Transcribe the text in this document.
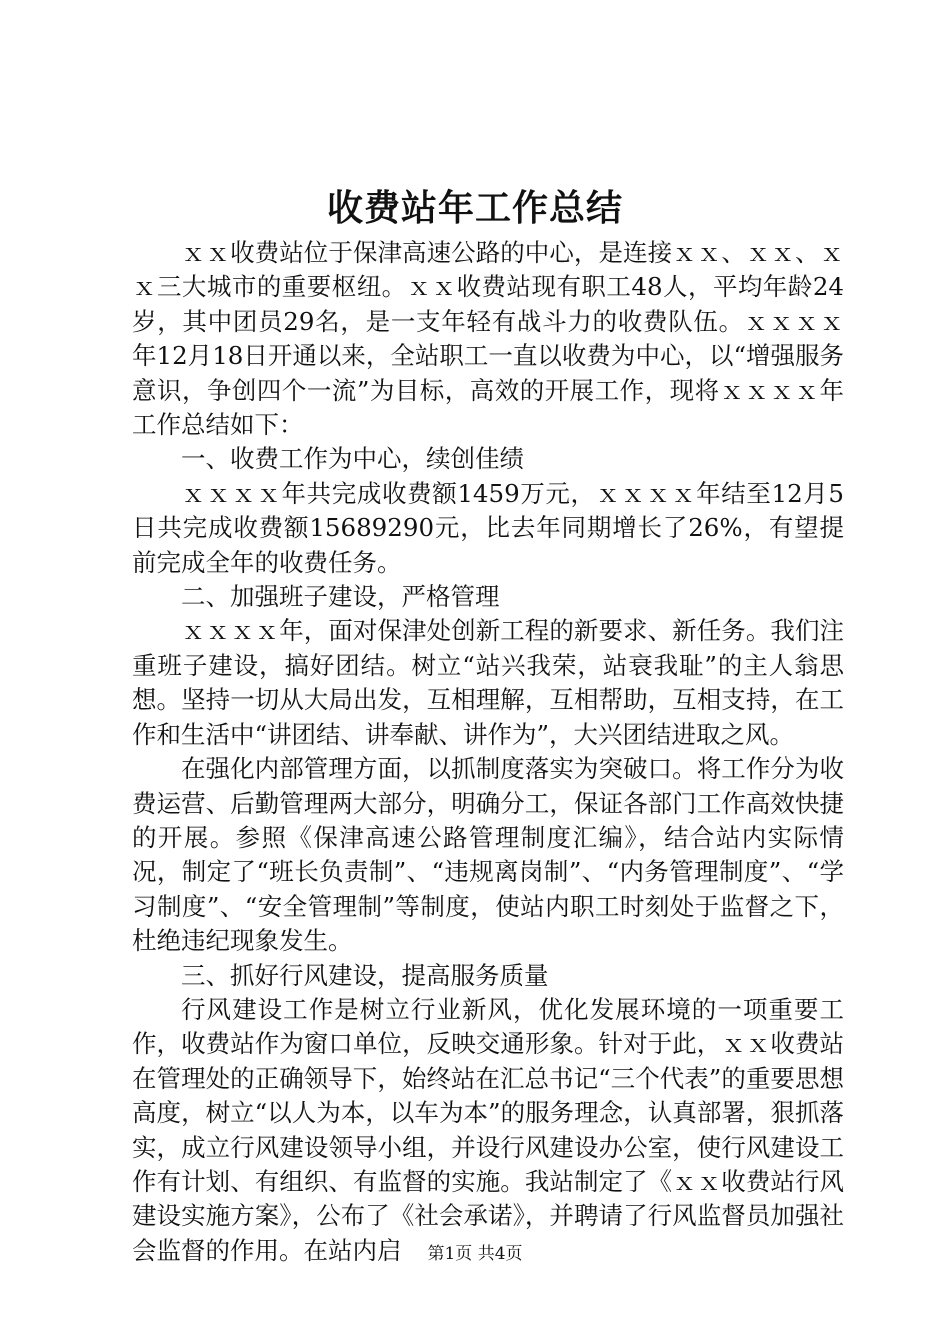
收费站年工作总结

ｘｘ收费站位于保津高速公路的中心，是连接ｘｘ、ｘｘ、ｘｘ三大城市的重要枢纽。ｘｘ收费站现有职工48人，平均年龄24岁，其中团员29名，是一支年轻有战斗力的收费队伍。ｘｘｘｘ年12月18日开通以来，全站职工一直以收费为中心，以“增强服务意识，争创四个一流”为目标，高效的开展工作，现将ｘｘｘｘ年工作总结如下：

一、收费工作为中心，续创佳绩

ｘｘｘｘ年共完成收费额1459万元，ｘｘｘｘ年结至12月5日共完成收费额15689290元，比去年同期增长了26%，有望提前完成全年的收费任务。

二、加强班子建设，严格管理

ｘｘｘｘ年，面对保津处创新工程的新要求、新任务。我们注重班子建设，搞好团结。树立“站兴我荣，站衰我耻”的主人翁思想。坚持一切从大局出发，互相理解，互相帮助，互相支持，在工作和生活中“讲团结、讲奉献、讲作为”，大兴团结进取之风。

在强化内部管理方面，以抓制度落实为突破口。将工作分为收费运营、后勤管理两大部分，明确分工，保证各部门工作高效快捷的开展。参照《保津高速公路管理制度汇编》，结合站内实际情况，制定了“班长负责制”、“违规离岗制”、“内务管理制度”、“学习制度”、“安全管理制”等制度，使站内职工时刻处于监督之下，杜绝违纪现象发生。

三、抓好行风建设，提高服务质量

行风建设工作是树立行业新风，优化发展环境的一项重要工作，收费站作为窗口单位，反映交通形象。针对于此，ｘｘ收费站在管理处的正确领导下，始终站在汇总书记“三个代表”的重要思想高度，树立“以人为本，以车为本”的服务理念，认真部署，狠抓落实，成立行风建设领导小组，并设行风建设办公室，使行风建设工作有计划、有组织、有监督的实施。我站制定了《ｘｘ收费站行风建设实施方案》，公布了《社会承诺》，并聘请了行风监督员加强社会监督的作用。在站内启	第1页 共4页
